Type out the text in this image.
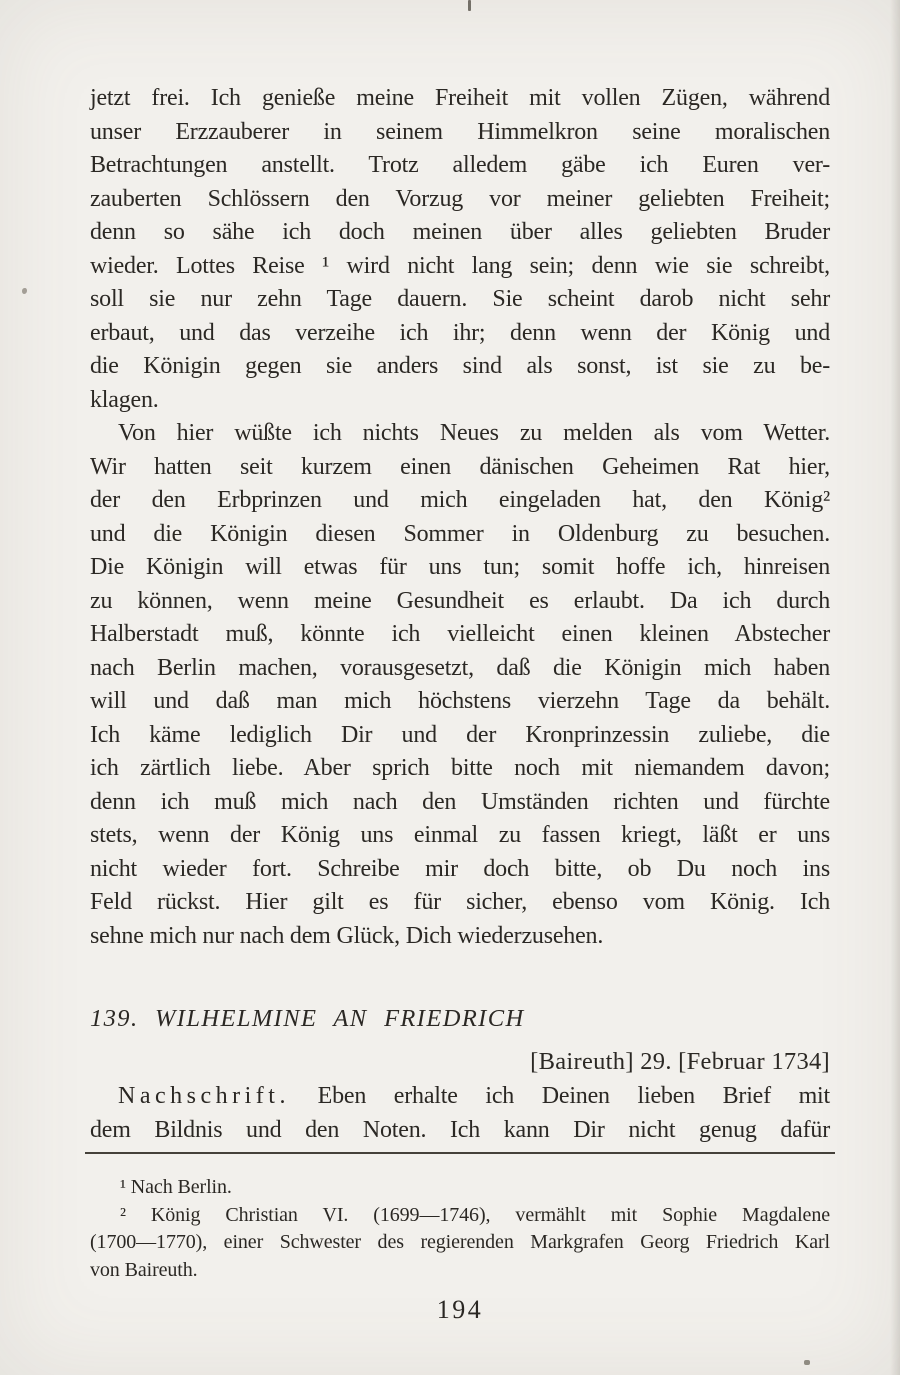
jetzt frei. Ich genieße meine Freiheit mit vollen Zügen, während
unser Erzzauberer in seinem Himmelkron seine moralischen
Betrachtungen anstellt. Trotz alledem gäbe ich Euren ver-
zauberten Schlössern den Vorzug vor meiner geliebten Freiheit;
denn so sähe ich doch meinen über alles geliebten Bruder
wieder. Lottes Reise ¹ wird nicht lang sein; denn wie sie schreibt,
soll sie nur zehn Tage dauern. Sie scheint darob nicht sehr
erbaut, und das verzeihe ich ihr; denn wenn der König und
die Königin gegen sie anders sind als sonst, ist sie zu be-
klagen.
Von hier wüßte ich nichts Neues zu melden als vom Wetter.
Wir hatten seit kurzem einen dänischen Geheimen Rat hier,
der den Erbprinzen und mich eingeladen hat, den König²
und die Königin diesen Sommer in Oldenburg zu besuchen.
Die Königin will etwas für uns tun; somit hoffe ich, hinreisen
zu können, wenn meine Gesundheit es erlaubt. Da ich durch
Halberstadt muß, könnte ich vielleicht einen kleinen Abstecher
nach Berlin machen, vorausgesetzt, daß die Königin mich haben
will und daß man mich höchstens vierzehn Tage da behält.
Ich käme lediglich Dir und der Kronprinzessin zuliebe, die
ich zärtlich liebe. Aber sprich bitte noch mit niemandem davon;
denn ich muß mich nach den Umständen richten und fürchte
stets, wenn der König uns einmal zu fassen kriegt, läßt er uns
nicht wieder fort. Schreibe mir doch bitte, ob Du noch ins
Feld rückst. Hier gilt es für sicher, ebenso vom König. Ich
sehne mich nur nach dem Glück, Dich wiederzusehen.
139. WILHELMINE AN FRIEDRICH
[Baireuth] 29. [Februar 1734]
Nachschrift. Eben erhalte ich Deinen lieben Brief mit
dem Bildnis und den Noten. Ich kann Dir nicht genug dafür
¹ Nach Berlin.
² König Christian VI. (1699—1746), vermählt mit Sophie Magdalene
(1700—1770), einer Schwester des regierenden Markgrafen Georg Friedrich Karl
von Baireuth.
194
